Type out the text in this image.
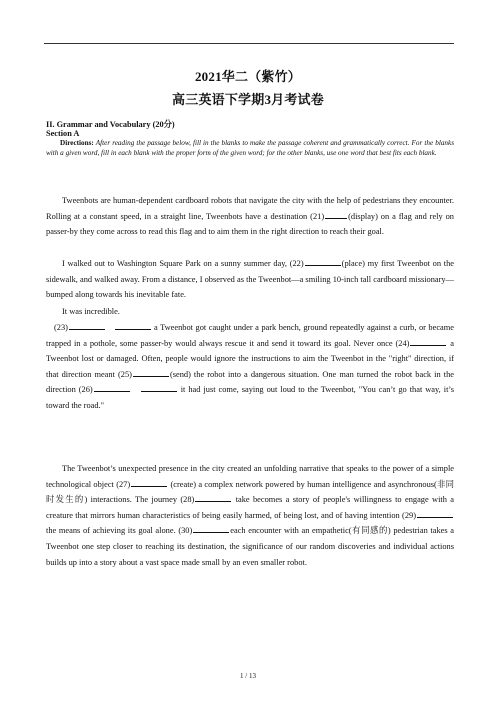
2021华二（紫竹）
高三英语下学期3月考试卷
II. Grammar and Vocabulary (20分)
Section A
Directions: After reading the passage below, fill in the blanks to make the passage coherent and grammatically correct. For the blanks with a given word, fill in each blank with the proper form of the given word; for the other blanks, use one word that best fits each blank.
Tweenbots are human-dependent cardboard robots that navigate the city with the help of pedestrians they encounter. Rolling at a constant speed, in a straight line, Tweenbots have a destination (21)	(display) on a flag and rely on passer-by they come across to read this flag and to aim them in the right direction to reach their goal.
I walked out to Washington Square Park on a sunny summer day, (22)	(place) my first Tweenbot on the sidewalk, and walked away. From a distance, I observed as the Tweenbot—a smiling 10-inch tall cardboard missionary—bumped along towards his inevitable fate.
It was incredible.
(23)	a Tweenbot got caught under a park bench, ground repeatedly against a curb, or became trapped in a pothole, some passer-by would always rescue it and send it toward its goal. Never once (24)	a Tweenbot lost or damaged. Often, people would ignore the instructions to aim the Tweenbot in the "right" direction, if that direction meant (25)	(send) the robot into a dangerous situation. One man turned the robot back in the direction (26)	it had just come, saying out loud to the Tweenbot, "You can’t go that way, it’s toward the road."
The Tweenbot’s unexpected presence in the city created an unfolding narrative that speaks to the power of a simple technological object (27)	(create) a complex network powered by human intelligence and asynchronous(非同时发生的) interactions. The journey (28)	take becomes a story of people's willingness to engage with a creature that mirrors human characteristics of being easily harmed, of being lost, and of having intention (29)the means of achieving its goal alone. (30)	each encounter with an empathetic(有同感的) pedestrian takes a Tweenbot one step closer to reaching its destination, the significance of our random discoveries and individual actions builds up into a story about a vast space made small by an even smaller robot.
1 / 13
